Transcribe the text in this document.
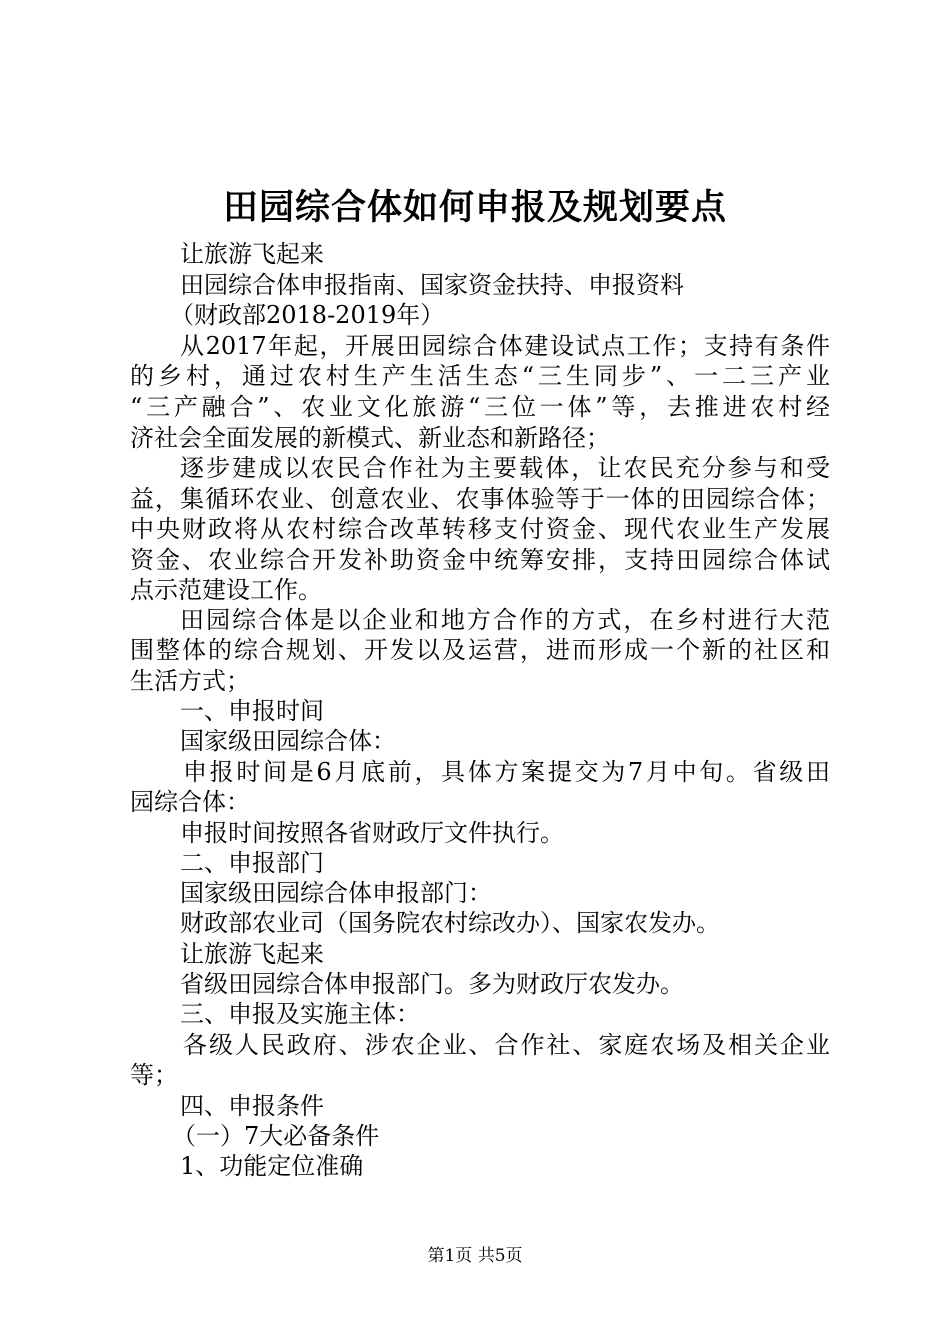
田园综合体如何申报及规划要点

让旅游飞起来

田园综合体申报指南、国家资金扶持、申报资料

（财政部2018-2019年）

从2017年起，开展田园综合体建设试点工作；支持有条件

的乡村，通过农村生产生活生态“三生同步”、一二三产业

“三产融合”、农业文化旅游“三位一体”等，去推进农村经

济社会全面发展的新模式、新业态和新路径；

逐步建成以农民合作社为主要载体，让农民充分参与和受

益，集循环农业、创意农业、农事体验等于一体的田园综合体；

中央财政将从农村综合改革转移支付资金、现代农业生产发展

资金、农业综合开发补助资金中统筹安排，支持田园综合体试

点示范建设工作。

田园综合体是以企业和地方合作的方式，在乡村进行大范

围整体的综合规划、开发以及运营，进而形成一个新的社区和

生活方式；

一、申报时间

国家级田园综合体：

申报时间是6月底前，具体方案提交为7月中旬。省级田

园综合体：

申报时间按照各省财政厅文件执行。

二、申报部门

国家级田园综合体申报部门：

财政部农业司（国务院农村综改办）、国家农发办。

让旅游飞起来

省级田园综合体申报部门。多为财政厅农发办。

三、申报及实施主体：

各级人民政府、涉农企业、合作社、家庭农场及相关企业

等；

四、申报条件

（一）7大必备条件

1、功能定位准确

第1页 共5页
